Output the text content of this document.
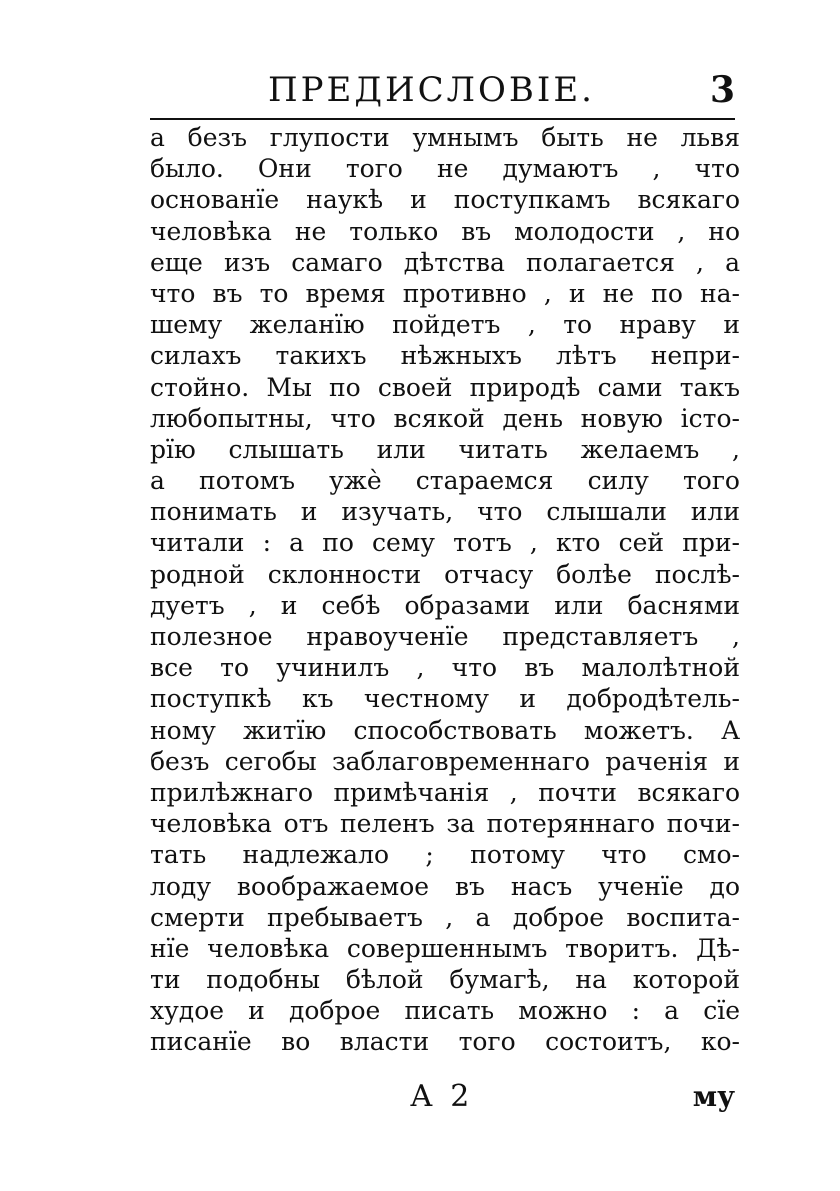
ПРЕДИСЛОВІЕ.	3
а безъ глупости умнымъ быть не львя
было. Они того не думаютъ , что
основанїе наукѣ и поступкамъ всякаго
человѣка не только въ молодости , но
еще изъ самаго дѣтства полагается , а
что въ то время противно , и не по на-
шему желанїю пойдетъ , то нраву и
силахъ такихъ нѣжныхъ лѣтъ непри-
стойно. Мы по своей природѣ сами такъ
любопытны, что всякой день новую істо-
рїю слышать или читать желаемъ ,
а потомъ ужѐ стараемся силу того
понимать и изучать, что слышали или
читали : а по сему тотъ , кто сей при-
родной склонности отчасу болѣе послѣ-
дуетъ , и себѣ образами или баснями
полезное нравоученїе представляетъ ,
все то учинилъ , что въ малолѣтной
поступкѣ къ честному и добродѣтель-
ному житїю способствовать можетъ. А
безъ сегобы заблаговременнаго раченія и
прилѣжнаго примѣчанія , почти всякаго
человѣка отъ пеленъ за потеряннаго почи-
тать надлежало ; потому что смо-
лоду воображаемое въ насъ ученїе до
смерти пребываетъ , а доброе воспита-
нїе человѣка совершеннымъ творитъ. Дѣ-
ти подобны бѣлой бумагѣ, на которой
худое и доброе писать можно : а сїе
писанїе во власти того состоитъ, ко-
А 2	му
